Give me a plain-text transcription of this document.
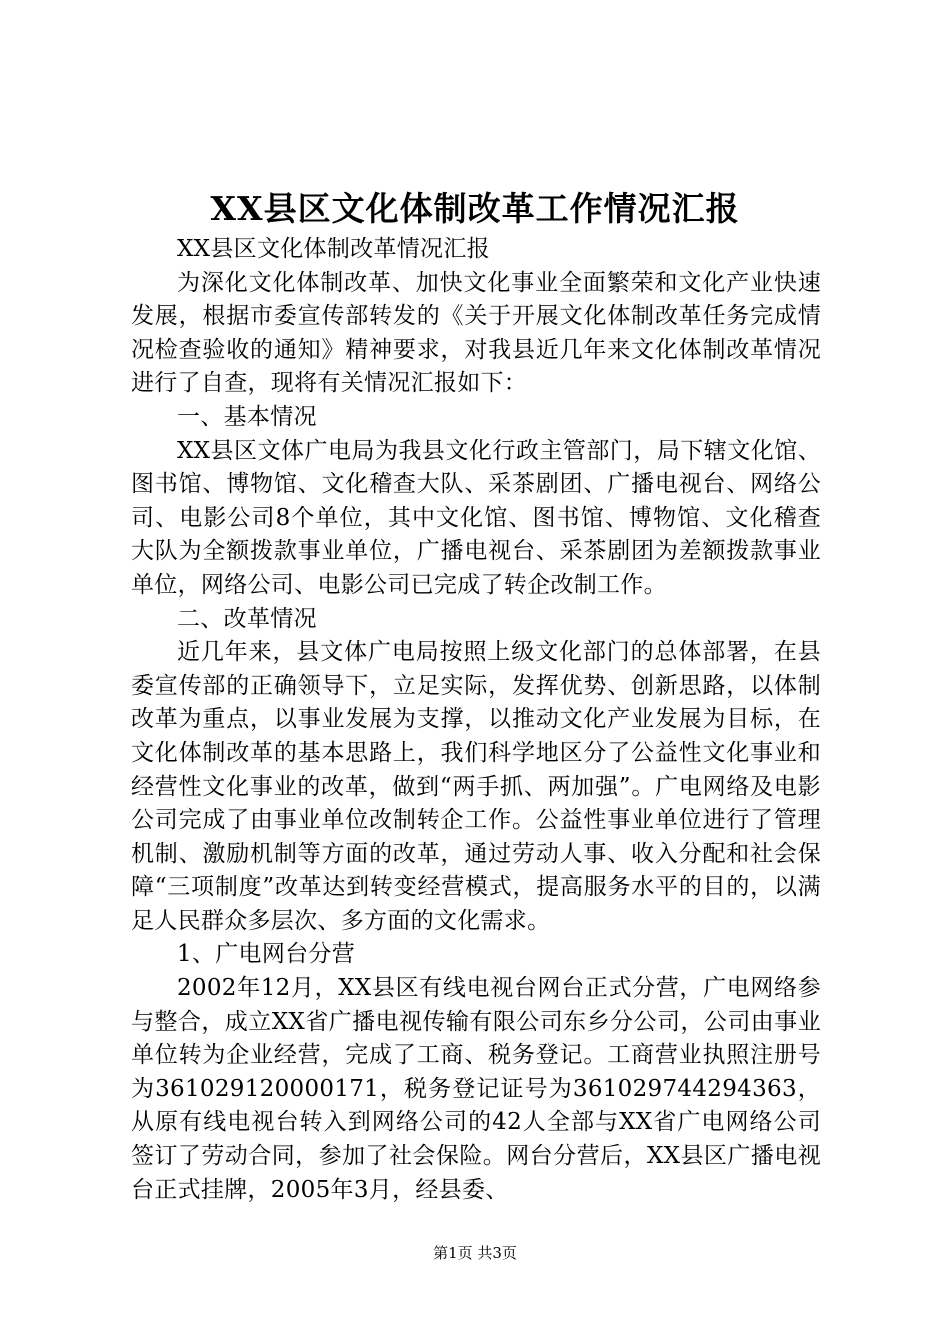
XX县区文化体制改革工作情况汇报

XX县区文化体制改革情况汇报

为深化文化体制改革、加快文化事业全面繁荣和文化产业快速发展，根据市委宣传部转发的《关于开展文化体制改革任务完成情况检查验收的通知》精神要求，对我县近几年来文化体制改革情况进行了自查，现将有关情况汇报如下：

一、基本情况

XX县区文体广电局为我县文化行政主管部门，局下辖文化馆、图书馆、博物馆、文化稽查大队、采茶剧团、广播电视台、网络公司、电影公司8个单位，其中文化馆、图书馆、博物馆、文化稽查大队为全额拨款事业单位，广播电视台、采茶剧团为差额拨款事业单位，网络公司、电影公司已完成了转企改制工作。

二、改革情况

近几年来，县文体广电局按照上级文化部门的总体部署，在县委宣传部的正确领导下，立足实际，发挥优势、创新思路，以体制改革为重点，以事业发展为支撑，以推动文化产业发展为目标，在文化体制改革的基本思路上，我们科学地区分了公益性文化事业和经营性文化事业的改革，做到“两手抓、两加强”。广电网络及电影公司完成了由事业单位改制转企工作。公益性事业单位进行了管理机制、激励机制等方面的改革，通过劳动人事、收入分配和社会保障“三项制度”改革达到转变经营模式，提高服务水平的目的，以满足人民群众多层次、多方面的文化需求。

1、广电网台分营

2002年12月，XX县区有线电视台网台正式分营，广电网络参与整合，成立XX省广播电视传输有限公司东乡分公司，公司由事业单位转为企业经营，完成了工商、税务登记。工商营业执照注册号为361029120000171，税务登记证号为361029744294363，从原有线电视台转入到网络公司的42人全部与XX省广电网络公司签订了劳动合同，参加了社会保险。网台分营后，XX县区广播电视台正式挂牌，2005年3月，经县委、

第1页 共3页
